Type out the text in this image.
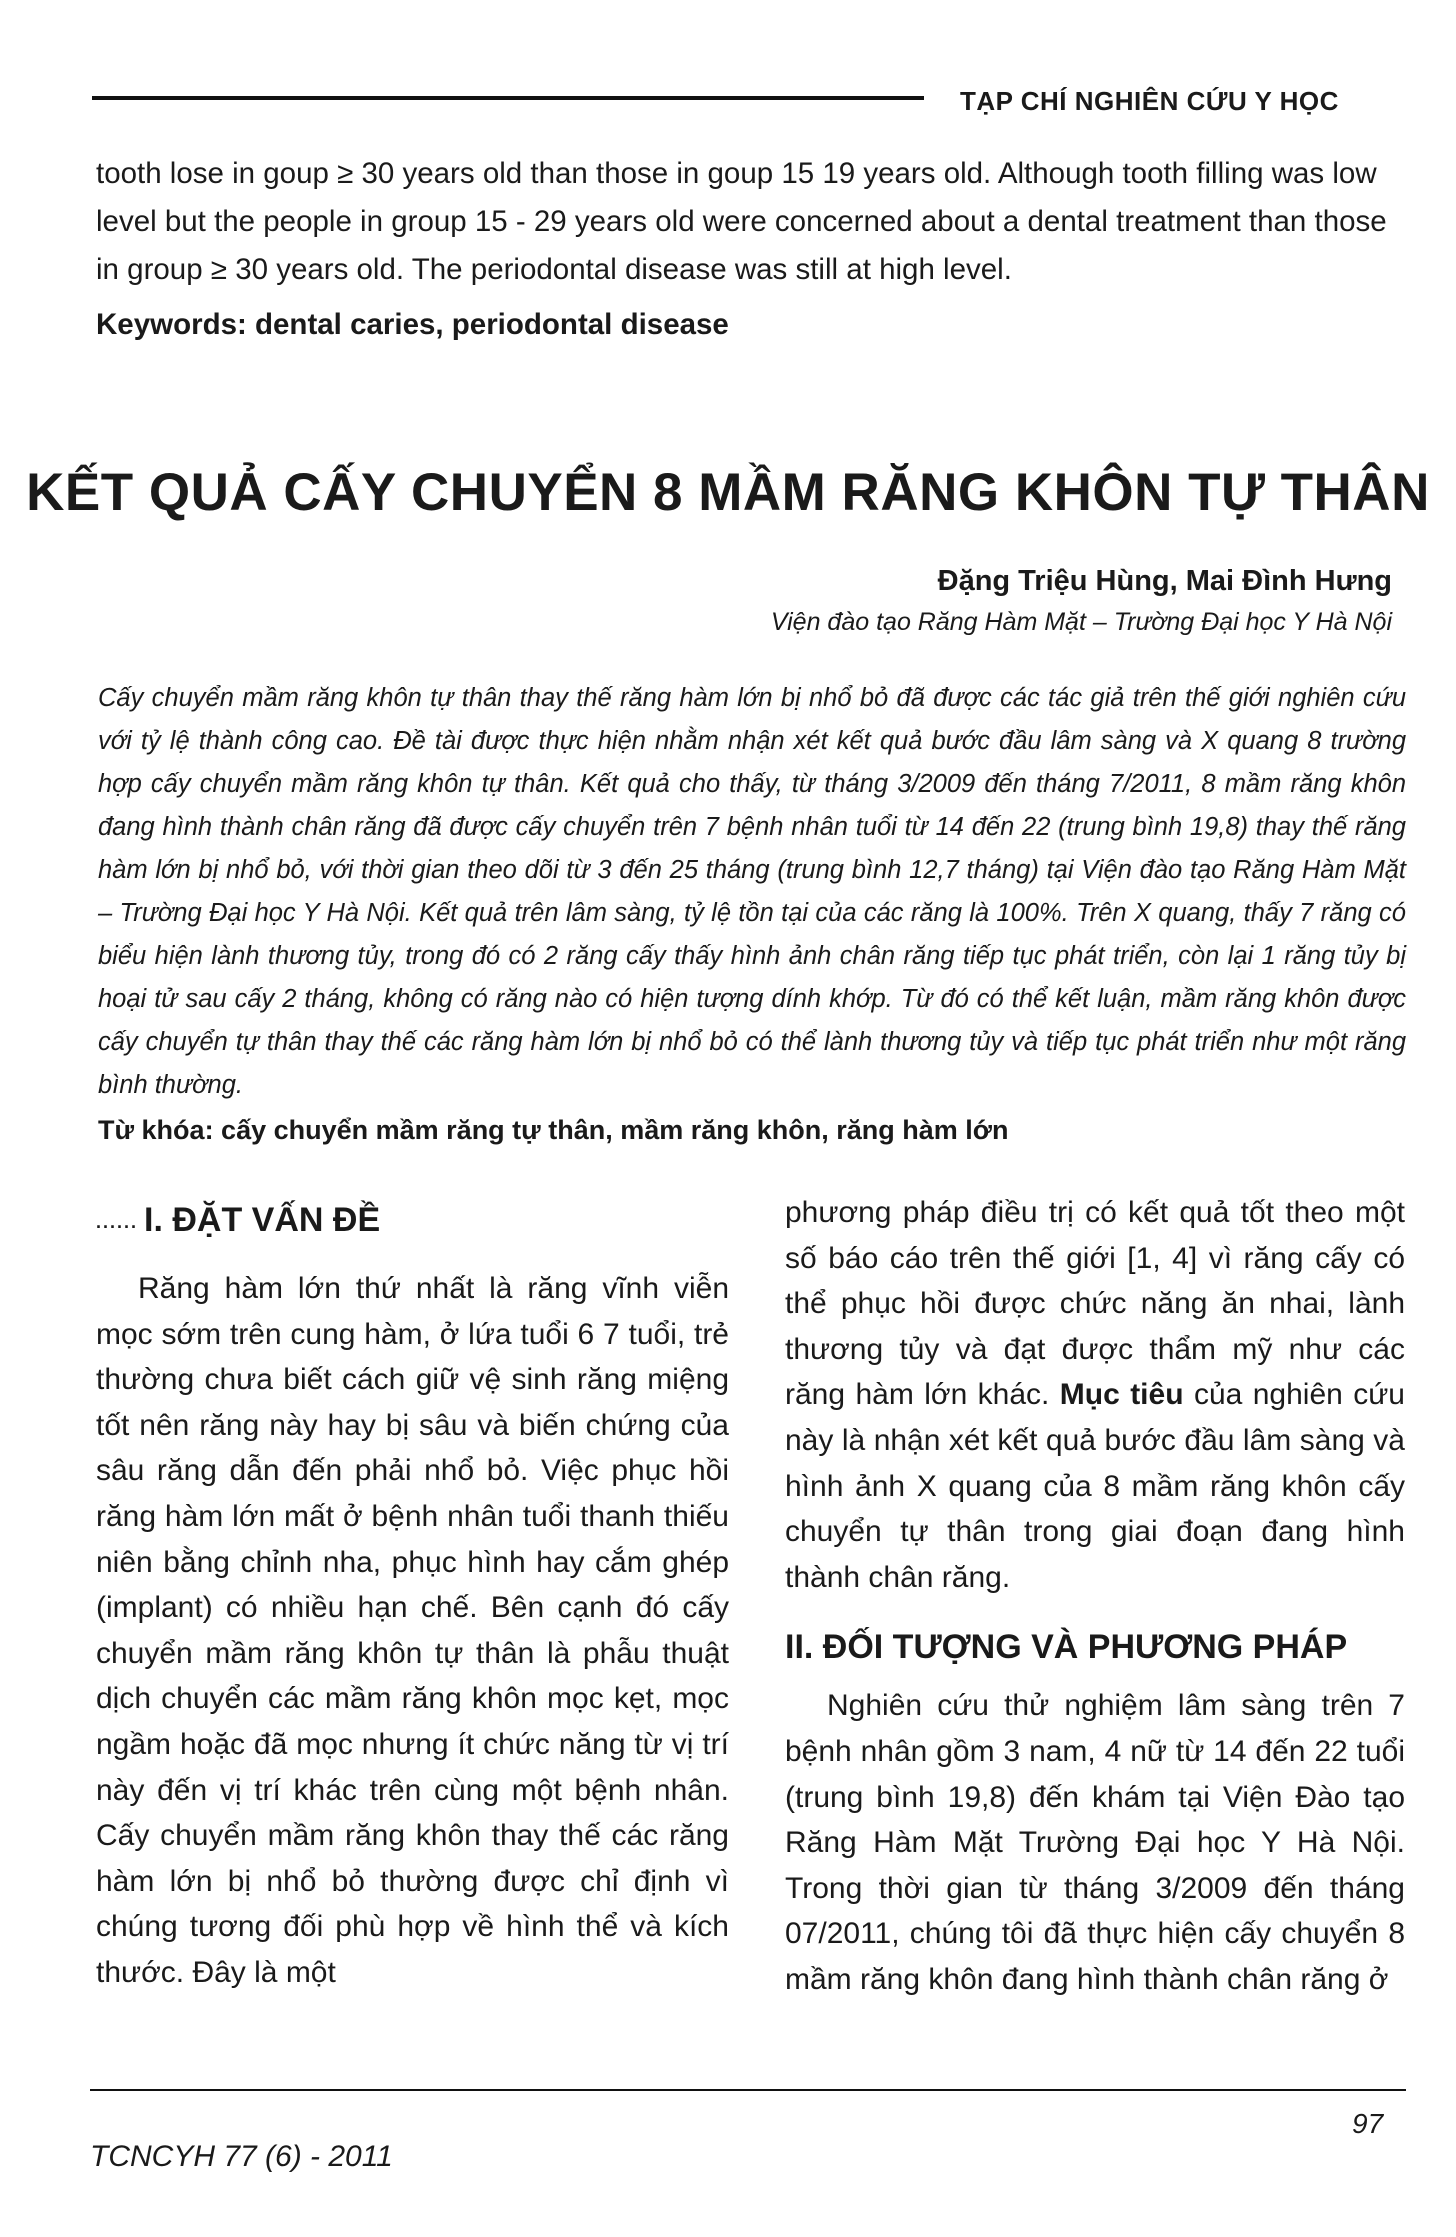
TẠP CHÍ NGHIÊN CỨU Y HỌC
tooth lose in goup ≥ 30 years old than those in goup 15 19 years old. Although tooth filling was low level but the people in group 15 - 29 years old were concerned about a dental treatment than those in group ≥ 30 years old. The periodontal disease was still at high level.
Keywords: dental caries, periodontal disease
KẾT QUẢ CẤY CHUYỂN 8 MẦM RĂNG KHÔN TỰ THÂN
Đặng Triệu Hùng, Mai Đình Hưng
Viện đào tạo Răng Hàm Mặt – Trường Đại học Y Hà Nội
Cấy chuyển mầm răng khôn tự thân thay thế răng hàm lớn bị nhổ bỏ đã được các tác giả trên thế giới nghiên cứu với tỷ lệ thành công cao. Đề tài được thực hiện nhằm nhận xét kết quả bước đầu lâm sàng và X quang 8 trường hợp cấy chuyển mầm răng khôn tự thân. Kết quả cho thấy, từ tháng 3/2009 đến tháng 7/2011, 8 mầm răng khôn đang hình thành chân răng đã được cấy chuyển trên 7 bệnh nhân tuổi từ 14 đến 22 (trung bình 19,8) thay thế răng hàm lớn bị nhổ bỏ, với thời gian theo dõi từ 3 đến 25 tháng (trung bình 12,7 tháng) tại Viện đào tạo Răng Hàm Mặt – Trường Đại học Y Hà Nội. Kết quả trên lâm sàng, tỷ lệ tồn tại của các răng là 100%. Trên X quang, thấy 7 răng có biểu hiện lành thương tủy, trong đó có 2 răng cấy thấy hình ảnh chân răng tiếp tục phát triển, còn lại 1 răng tủy bị hoại tử sau cấy 2 tháng, không có răng nào có hiện tượng dính khớp. Từ đó có thể kết luận, mầm răng khôn được cấy chuyển tự thân thay thế các răng hàm lớn bị nhổ bỏ có thể lành thương tủy và tiếp tục phát triển như một răng bình thường.
Từ khóa: cấy chuyển mầm răng tự thân, mầm răng khôn, răng hàm lớn
...... I. ĐẶT VẤN ĐỀ

Răng hàm lớn thứ nhất là răng vĩnh viễn mọc sớm trên cung hàm, ở lứa tuổi 6 7 tuổi, trẻ thường chưa biết cách giữ vệ sinh răng miệng tốt nên răng này hay bị sâu và biến chứng của sâu răng dẫn đến phải nhổ bỏ. Việc phục hồi răng hàm lớn mất ở bệnh nhân tuổi thanh thiếu niên bằng chỉnh nha, phục hình hay cắm ghép (implant) có nhiều hạn chế. Bên cạnh đó cấy chuyển mầm răng khôn tự thân là phẫu thuật dịch chuyển các mầm răng khôn mọc kẹt, mọc ngầm hoặc đã mọc nhưng ít chức năng từ vị trí này đến vị trí khác trên cùng một bệnh nhân. Cấy chuyển mầm răng khôn thay thế các răng hàm lớn bị nhổ bỏ thường được chỉ định vì chúng tương đối phù hợp về hình thể và kích thước. Đây là một

phương pháp điều trị có kết quả tốt theo một số báo cáo trên thế giới [1, 4] vì răng cấy có thể phục hồi được chức năng ăn nhai, lành thương tủy và đạt được thẩm mỹ như các răng hàm lớn khác. Mục tiêu của nghiên cứu này là nhận xét kết quả bước đầu lâm sàng và hình ảnh X quang của 8 mầm răng khôn cấy chuyển tự thân trong giai đoạn đang hình thành chân răng.

II. ĐỐI TƯỢNG VÀ PHƯƠNG PHÁP

Nghiên cứu thử nghiệm lâm sàng trên 7 bệnh nhân gồm 3 nam, 4 nữ từ 14 đến 22 tuổi (trung bình 19,8) đến khám tại Viện Đào tạo Răng Hàm Mặt Trường Đại học Y Hà Nội. Trong thời gian từ tháng 3/2009 đến tháng 07/2011, chúng tôi đã thực hiện cấy chuyển 8 mầm răng khôn đang hình thành chân răng ở

TCNCYH 77 (6) - 2011
97
